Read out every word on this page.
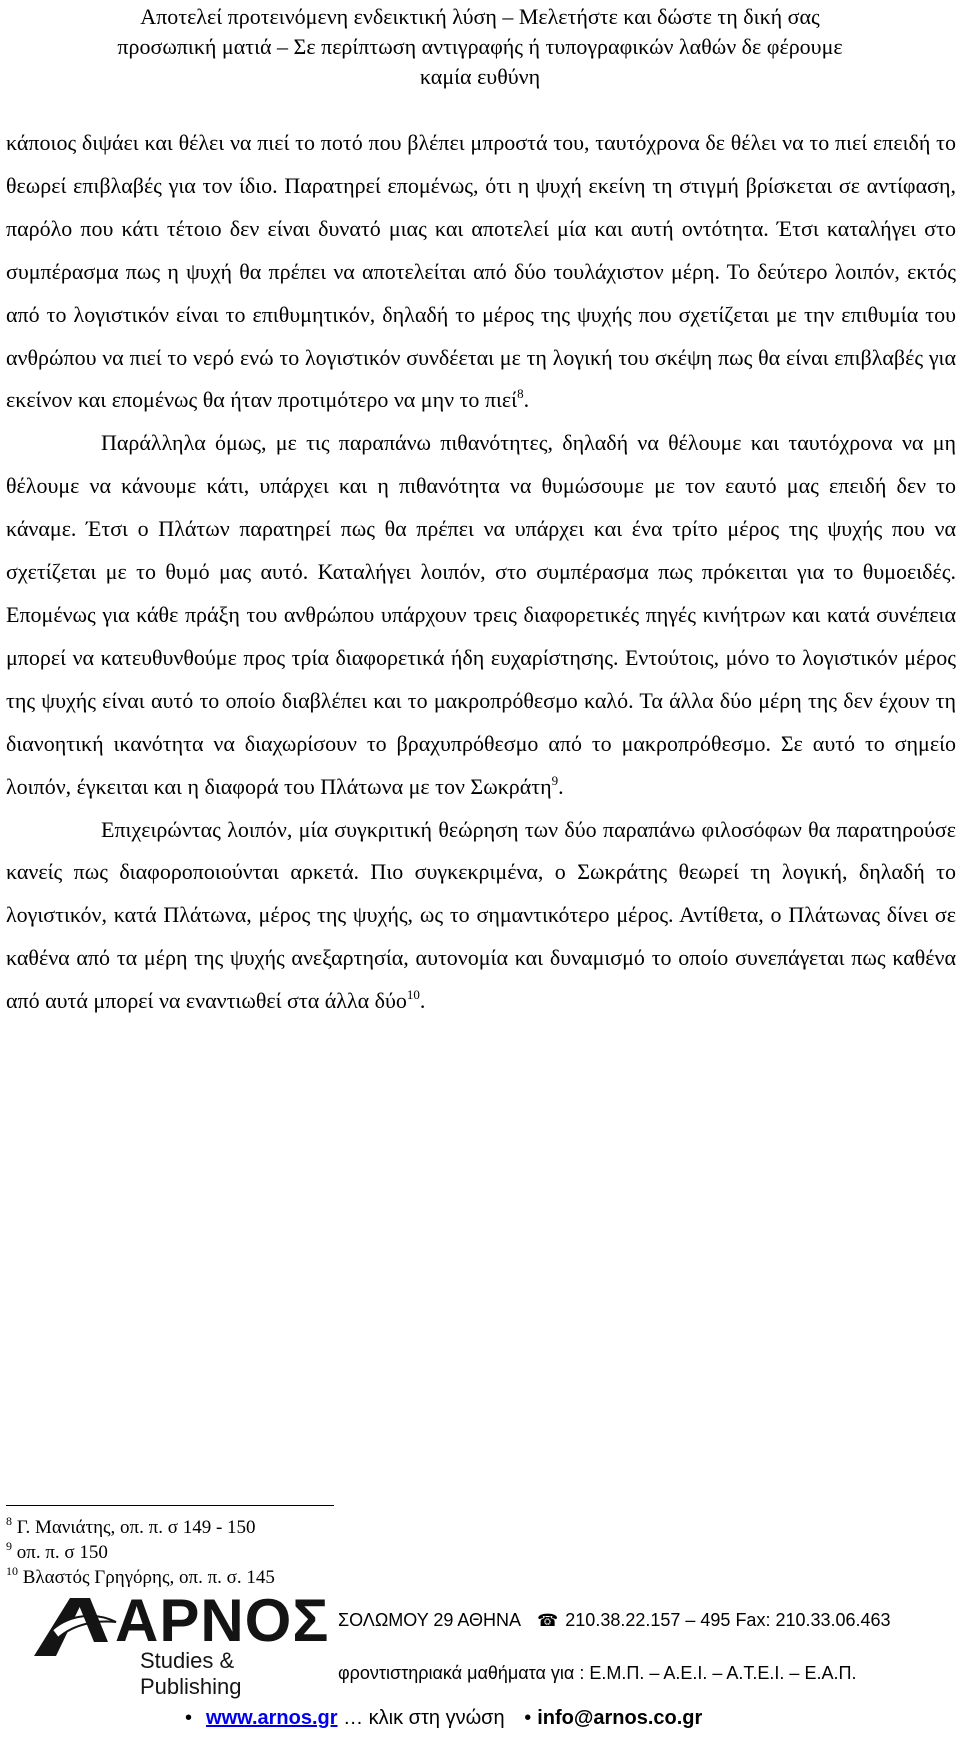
Αποτελεί προτεινόμενη ενδεικτική λύση – Μελετήστε και δώστε τη δική σας
προσωπική ματιά – Σε περίπτωση αντιγραφής ή τυπογραφικών λαθών δε φέρουμε
καμία ευθύνη

κάποιος διψάει και θέλει να πιεί το ποτό που βλέπει μπροστά του, ταυτόχρονα δε θέλει να το πιεί επειδή το θεωρεί επιβλαβές για τον ίδιο. Παρατηρεί επομένως, ότι η ψυχή εκείνη τη στιγμή βρίσκεται σε αντίφαση, παρόλο που κάτι τέτοιο δεν είναι δυνατό μιας και αποτελεί μία και αυτή οντότητα. Έτσι καταλήγει στο συμπέρασμα πως η ψυχή θα πρέπει να αποτελείται από δύο τουλάχιστον μέρη. Το δεύτερο λοιπόν, εκτός από το λογιστικόν είναι το επιθυμητικόν, δηλαδή το μέρος της ψυχής που σχετίζεται με την επιθυμία του ανθρώπου να πιεί το νερό ενώ το λογιστικόν συνδέεται με τη λογική του σκέψη πως θα είναι επιβλαβές για εκείνον και επομένως θα ήταν προτιμότερο να μην το πιεί$^8$.

Παράλληλα όμως, με τις παραπάνω πιθανότητες, δηλαδή να θέλουμε και ταυτόχρονα να μη θέλουμε να κάνουμε κάτι, υπάρχει και η πιθανότητα να θυμώσουμε με τον εαυτό μας επειδή δεν το κάναμε. Έτσι ο Πλάτων παρατηρεί πως θα πρέπει να υπάρχει και ένα τρίτο μέρος της ψυχής που να σχετίζεται με το θυμό μας αυτό. Καταλήγει λοιπόν, στο συμπέρασμα πως πρόκειται για το θυμοειδές. Επομένως για κάθε πράξη του ανθρώπου υπάρχουν τρεις διαφορετικές πηγές κινήτρων και κατά συνέπεια μπορεί να κατευθυνθούμε προς τρία διαφορετικά ήδη ευχαρίστησης. Εντούτοις, μόνο το λογιστικόν μέρος της ψυχής είναι αυτό το οποίο διαβλέπει και το μακροπρόθεσμο καλό. Τα άλλα δύο μέρη της δεν έχουν τη διανοητική ικανότητα να διαχωρίσουν το βραχυπρόθεσμο από το μακροπρόθεσμο. Σε αυτό το σημείο λοιπόν, έγκειται και η διαφορά του Πλάτωνα με τον Σωκράτη$^9$.

Επιχειρώντας λοιπόν, μία συγκριτική θεώρηση των δύο παραπάνω φιλοσόφων θα παρατηρούσε κανείς πως διαφοροποιούνται αρκετά. Πιο συγκεκριμένα, ο Σωκράτης θεωρεί τη λογική, δηλαδή το λογιστικόν, κατά Πλάτωνα, μέρος της ψυχής, ως το σημαντικότερο μέρος. Αντίθετα, ο Πλάτωνας δίνει σε καθένα από τα μέρη της ψυχής ανεξαρτησία, αυτονομία και δυναμισμό το οποίο συνεπάγεται πως καθένα από αυτά μπορεί να εναντιωθεί στα άλλα δύο$^{10}$.

$^8$ Γ. Μανιάτης, οπ. π. σ 149 - 150
$^9$ οπ. π. σ 150
$^{10}$ Βλαστός Γρηγόρης, οπ. π. σ. 145
ΑΡΝΟΣ
Studies & Publishing
ΣΟΛΩΜΟΥ 29 ΑΘΗΝΑ ☎ 210.38.22.157 – 495 Fax: 210.33.06.463
φροντιστηριακά μαθήματα για : Ε.Μ.Π. – Α.Ε.Ι. – Α.Τ.Ε.Ι. – Ε.Α.Π.
• www.arnos.gr … κλικ στη γνώση • info@arnos.co.gr
